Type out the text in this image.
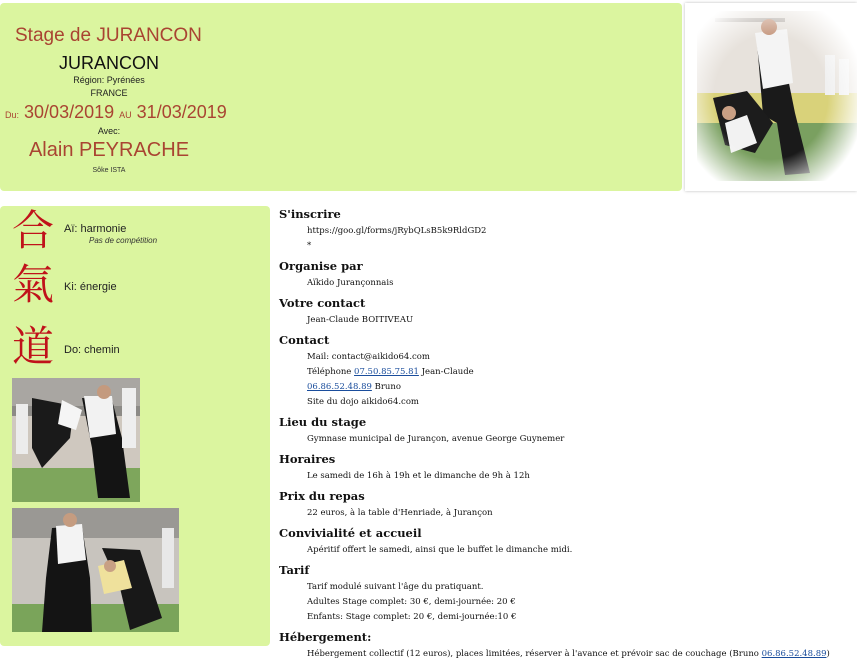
Stage de JURANCON
JURANCON
Région: Pyrénées
FRANCE
Du: 30/03/2019 AU 31/03/2019
Avec:
Alain PEYRACHE
Sôke ISTA
合 Aï: harmonie
Pas de compétition
氣 Ki: énergie
道 Do: chemin

S'inscrire

https://goo.gl/forms/jRybQLsB5k9RldGD2
*

Organise par

Aïkido Jurançonnais

Votre contact

Jean-Claude BOITIVEAU

Contact

Mail: contact@aikido64.com
Téléphone 07.50.85.75.81 Jean-Claude
06.86.52.48.89 Bruno
Site du dojo aikido64.com

Lieu du stage

Gymnase municipal de Jurançon, avenue George Guynemer

Horaires

Le samedi de 16h à 19h et le dimanche de 9h à 12h

Prix du repas

22 euros, à la table d'Henriade, à Jurançon

Convivialité et accueil

Apéritif offert le samedi, ainsi que le buffet le dimanche midi.

Tarif

Tarif modulé suivant l'âge du pratiquant.
Adultes Stage complet: 30 €, demi-journée: 20 €
Enfants: Stage complet: 20 €, demi-journée:10 €

Hébergement:

Hébergement collectif (12 euros), places limitées, réserver à l'avance et prévoir sac de couchage (Bruno 06.86.52.48.89)
